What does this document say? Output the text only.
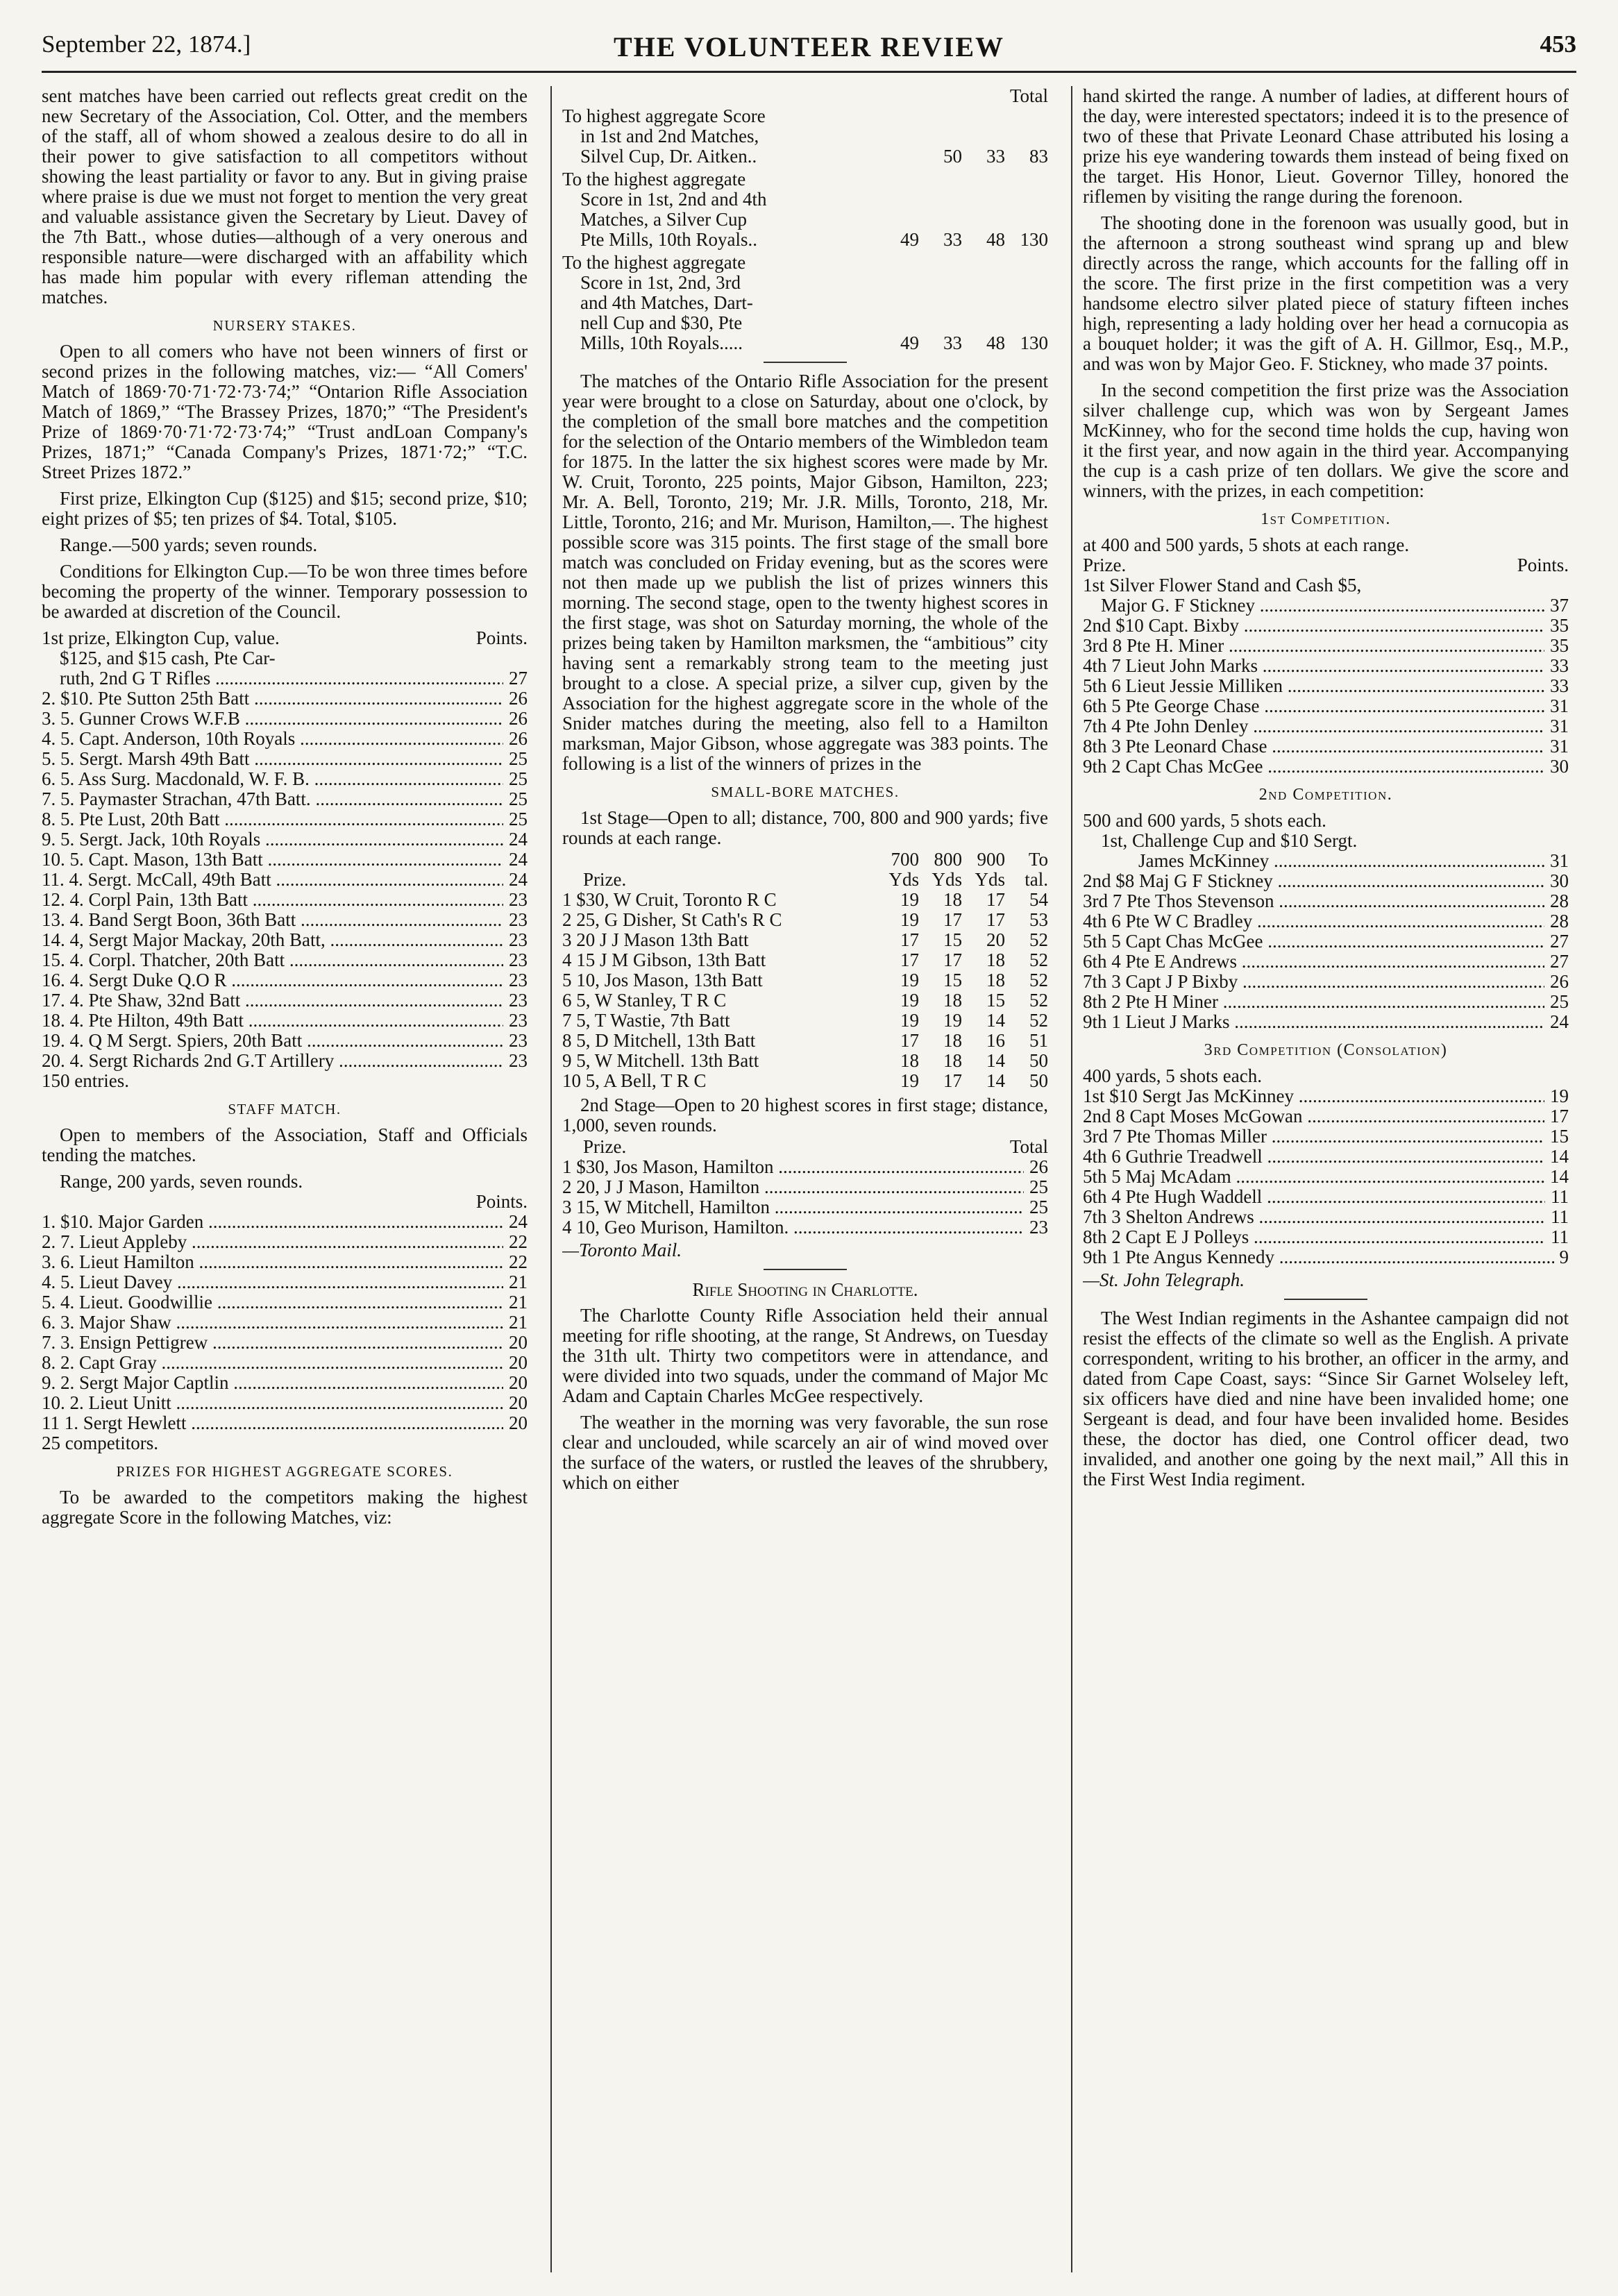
September 22, 1874.]	THE VOLUNTEER REVIEW	453

sent matches have been carried out reflects great credit on the new Secretary of the Association, Col. Otter, and the members of the staff, all of whom showed a zealous desire to do all in their power to give satisfaction to all competitors without showing the least partiality or favor to any. But in giving praise where praise is due we must not forget to mention the very great and valuable assistance given the Secretary by Lieut. Davey of the 7th Batt., whose duties—although of a very onerous and responsible nature—were discharged with an affability which has made him popular with every rifleman attending the matches.

NURSERY STAKES.

Open to all comers who have not been winners of first or second prizes in the following matches, viz:— “All Comers' Match of 1869·70·71·72·73·74;” “Ontarion Rifle Association Match of 1869,” “The Brassey Prizes, 1870;” “The President's Prize of 1869·70·71·72·73·74;” “Trust andLoan Company's Prizes, 1871;” “Canada Company's Prizes, 1871·72;” “T.C. Street Prizes 1872.”

First prize, Elkington Cup ($125) and $15; second prize, $10; eight prizes of $5; ten prizes of $4. Total, $105.

Range.—500 yards; seven rounds.

Conditions for Elkington Cup.—To be won three times before becoming the property of the winner. Temporary possession to be awarded at discretion of the Council.

1st prize, Elkington Cup, value.	Points.
$125, and $15 cash, Pte Car-
ruth, 2nd G T Rifles .....	27
2. $10. Pte Sutton 25th Batt .....	26
3. 5. Gunner Crows W.F.B .....	26
4. 5. Capt. Anderson, 10th Royals .....	26
5. 5. Sergt. Marsh 49th Batt .....	25
6. 5. Ass Surg. Macdonald, W. F. B. .....	25
7. 5. Paymaster Strachan, 47th Batt. .....	25
8. 5. Pte Lust, 20th Batt .....	25
9. 5. Sergt. Jack, 10th Royals .....	24
10. 5. Capt. Mason, 13th Batt .....	24
11. 4. Sergt. McCall, 49th Batt .....	24
12. 4. Corpl Pain, 13th Batt .....	23
13. 4. Band Sergt Boon, 36th Batt .....	23
14. 4, Sergt Major Mackay, 20th Batt, .....	23
15. 4. Corpl. Thatcher, 20th Batt .....	23
16. 4. Sergt Duke Q.O R .....	23
17. 4. Pte Shaw, 32nd Batt .....	23
18. 4. Pte Hilton, 49th Batt .....	23
19. 4. Q M Sergt. Spiers, 20th Batt .....	23
20. 4. Sergt Richards 2nd G.T Artillery .....	23
150 entries.
STAFF MATCH.

Open to members of the Association, Staff and Officials tending the matches.

Range, 200 yards, seven rounds.

Points.
1. $10. Major Garden .....	24
2. 7. Lieut Appleby .....	22
3. 6. Lieut Hamilton .....	22
4. 5. Lieut Davey .....	21
5. 4. Lieut. Goodwillie .....	21
6. 3. Major Shaw .....	21
7. 3. Ensign Pettigrew .....	20
8. 2. Capt Gray .....	20
9. 2. Sergt Major Captlin .....	20
10. 2. Lieut Unitt .....	20
11 1. Sergt Hewlett .....	20
25 competitors.
PRIZES FOR HIGHEST AGGREGATE SCORES.

To be awarded to the competitors making the highest aggregate Score in the following Matches, viz:

Total
To highest aggregate Score
in 1st and 2nd Matches,
Silvel Cup, Dr. Aitken..	50	33	83
To the highest aggregate
Score in 1st, 2nd and 4th
Matches, a Silver Cup
Pte Mills, 10th Royals..	49	33	48 130
To the highest aggregate
Score in 1st, 2nd, 3rd
and 4th Matches, Dart-
nell Cup and $30, Pte
Mills, 10th Royals.....	49	33	48 130

The matches of the Ontario Rifle Association for the present year were brought to a close on Saturday, about one o'clock, by the completion of the small bore matches and the competition for the selection of the Ontario members of the Wimbledon team for 1875. In the latter the six highest scores were made by Mr. W. Cruit, Toronto, 225 points, Major Gibson, Hamilton, 223; Mr. A. Bell, Toronto, 219; Mr. J.R. Mills, Toronto, 218, Mr. Little, Toronto, 216; and Mr. Murison, Hamilton,—. The highest possible score was 315 points. The first stage of the small bore match was concluded on Friday evening, but as the scores were not then made up we publish the list of prizes winners this morning. The second stage, open to the twenty highest scores in the first stage, was shot on Saturday morning, the whole of the prizes being taken by Hamilton marksmen, the “ambitious” city having sent a remarkably strong team to the meeting just brought to a close. A special prize, a silver cup, given by the Association for the highest aggregate score in the whole of the Snider matches during the meeting, also fell to a Hamilton marksman, Major Gibson, whose aggregate was 383 points. The following is a list of the winners of prizes in the

SMALL-BORE MATCHES.

1st Stage—Open to all; distance, 700, 800 and 900 yards; five rounds at each range.

700 800 900	To
Prize.	Yds Yds Yds	tal.
1 $30, W Cruit, Toronto R C	19	18	17	54
2 25, G Disher, St Cath's R C	19	17	17	53
3 20 J J Mason 13th Batt	17	15	20	52
4 15 J M Gibson, 13th Batt	17	17	18	52
5 10, Jos Mason, 13th Batt	19	15	18	52
6 5, W Stanley, T R C	19	18	15	52
7 5, T Wastie, 7th Batt	19	19	14	52
8 5, D Mitchell, 13th Batt	17	18	16	51
9 5, W Mitchell. 13th Batt	18	18	14	50
10 5, A Bell, T R C	19	17	14	50

2nd Stage—Open to 20 highest scores in first stage; distance, 1,000, seven rounds.

Prize.	Total
1 $30, Jos Mason, Hamilton .....	26
2 20, J J Mason, Hamilton .....	25
3 15, W Mitchell, Hamilton .....	25
4 10, Geo Murison, Hamilton. .....	23
—Toronto Mail.
Rifle Shooting in Charlotte.

The Charlotte County Rifle Association held their annual meeting for rifle shooting, at the range, St Andrews, on Tuesday the 31th ult. Thirty two competitors were in attendance, and were divided into two squads, under the command of Major Mc Adam and Captain Charles McGee respectively.

The weather in the morning was very favorable, the sun rose clear and unclouded, while scarcely an air of wind moved over the surface of the waters, or rustled the leaves of the shrubbery, which on either

hand skirted the range. A number of ladies, at different hours of the day, were interested spectators; indeed it is to the presence of two of these that Private Leonard Chase attributed his losing a prize his eye wandering towards them instead of being fixed on the target. His Honor, Lieut. Governor Tilley, honored the riflemen by visiting the range during the forenoon.

The shooting done in the forenoon was usually good, but in the afternoon a strong southeast wind sprang up and blew directly across the range, which accounts for the falling off in the score. The first prize in the first competition was a very handsome electro silver plated piece of statury fifteen inches high, representing a lady holding over her head a cornucopia as a bouquet holder; it was the gift of A. H. Gillmor, Esq., M.P., and was won by Major Geo. F. Stickney, who made 37 points.

In the second competition the first prize was the Association silver challenge cup, which was won by Sergeant James McKinney, who for the second time holds the cup, having won it the first year, and now again in the third year. Accompanying the cup is a cash prize of ten dollars. We give the score and winners, with the prizes, in each competition:

1st Competition.
at 400 and 500 yards, 5 shots at each range.
Prize.	Points.
1st Silver Flower Stand and Cash $5,
Major G. F Stickney .....	37
2nd $10 Capt. Bixby .....	35
3rd 8 Pte H. Miner .....	35
4th 7 Lieut John Marks .....	33
5th 6 Lieut Jessie Milliken .....	33
6th 5 Pte George Chase .....	31
7th 4 Pte John Denley .....	31
8th 3 Pte Leonard Chase .....	31
9th 2 Capt Chas McGee .....	30
2nd Competition.
500 and 600 yards, 5 shots each.
1st, Challenge Cup and $10 Sergt.
James McKinney .....	31
2nd $8 Maj G F Stickney .....	30
3rd 7 Pte Thos Stevenson .....	28
4th 6 Pte W C Bradley .....	28
5th 5 Capt Chas McGee .....	27
6th 4 Pte E Andrews .....	27
7th 3 Capt J P Bixby .....	26
8th 2 Pte H Miner .....	25
9th 1 Lieut J Marks .....	24
3rd Competition (Consolation)
400 yards, 5 shots each.
1st $10 Sergt Jas McKinney .....	19
2nd 8 Capt Moses McGowan .....	17
3rd 7 Pte Thomas Miller .....	15
4th 6 Guthrie Treadwell .....	14
5th 5 Maj McAdam .....	14
6th 4 Pte Hugh Waddell .....	11
7th 3 Shelton Andrews .....	11
8th 2 Capt E J Polleys .....	11
9th 1 Pte Angus Kennedy .....	9
—St. John Telegraph.

The West Indian regiments in the Ashantee campaign did not resist the effects of the climate so well as the English. A private correspondent, writing to his brother, an officer in the army, and dated from Cape Coast, says: “Since Sir Garnet Wolseley left, six officers have died and nine have been invalided home; one Sergeant is dead, and four have been invalided home. Besides these, the doctor has died, one Control officer dead, two invalided, and another one going by the next mail,” All this in the First West India regiment.
